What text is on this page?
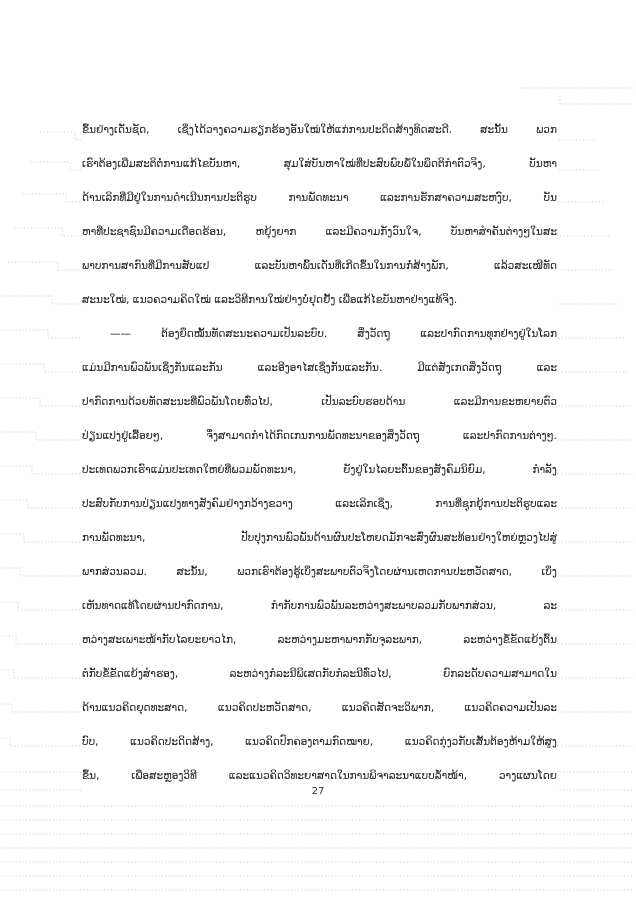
ຂຶ້ນຢ່າງເດັ່ນຊັດ, ເຊິ່ງໄດ້ວາງຄວາມຮຽກຮ້ອງອັນໃໝ່ໃຫ້ແກ່ການປະດິດສ້າງທິດສະດີ. ສະນັ້ນ ພວກ
ເຮົາຕ້ອງເພີ່ມສະຕິຕໍ່ການແກ້ໄຂບັນຫາ, ສຸມໃສ່ບັນຫາໃໝ່ທີ່ປະສົບພົບພໍ້ໃນພຶດຕິກຳຕົວຈິງ, ບັນຫາ
ດ້ານເລິກທີ່ມີຢູ່ໃນການດຳເນີນການປະຕິຮູບ ການພັດທະນາ ແລະການຮັກສາຄວາມສະຫງົບ, ບັນ
ຫາທີ່ປະຊາຊົນມີຄວາມເດືອດຮ້ອນ, ຫຍຸ້ງຍາກ ແລະມີຄວາມກັງວົນໃຈ, ບັນຫາສຳຄັນຕ່າງໆໃນສະ
ພາບການສາກົນທີ່ມີການສັບແປ ແລະບັນຫາພົ້ນເດັ່ນທີ່ເກີດຂຶ້ນໃນການກໍ່ສ້າງພັກ, ແລ້ວສະເໜີທັດ
ສະນະໃໝ່, ແນວຄວາມຄິດໃໝ່ ແລະວິທີການໃໝ່ຢ່າງບໍ່ຢຸດຢັ້ງ ເພື່ອແກ້ໄຂບັນຫາຢ່າງແທ້ຈິງ.
—— ຕ້ອງຍຶດໝັ້ນທັດສະນະຄວາມເປັນລະບົບ. ສິ່ງວັດຖຸ ແລະປາກົດການທຸກຢ່າງຢູ່ໃນໂລກ
ແມ່ນມີການພົວພັນເຊິ່ງກັນແລະກັນ ແລະອີງອາໄສເຊິ່ງກັນແລະກັນ. ມີແຕ່ສັງເກດສິ່ງວັດຖຸ ແລະ
ປາກົດການດ້ວຍທັດສະນະທີ່ພົວພັນໂດຍທົ່ວໄປ, ເປັນລະບົບຮອບດ້ານ ແລະມີການຂະຫຍາຍຕົວ
ປ່ຽນແປງຢູ່ເລື້ອຍໆ, ຈຶ່ງສາມາດກຳໄດ້ກົດເກນການພັດທະນາຂອງສິ່ງວັດຖຸ ແລະປາກົດການຕ່າງໆ.
ປະເທດພວກເຮົາແມ່ນປະເທດໃຫຍ່ທີ່ພວມພັດທະນາ, ຍັງຢູ່ໃນໄລຍະຕົ້ນຂອງສັງຄົມນິຍົມ, ກຳລັງ
ປະສົບກັບການປ່ຽນແປງທາງສັງຄົມຢ່າງກວ້າງຂວາງ ແລະເລິກເຊິ່ງ, ການທີ່ຊຸກຍູ້ການປະຕິຮູບແລະ
ການພັດທະນາ, ປັບປຸງການພົວພັນດ້ານຜົນປະໂຫຍດມັກຈະສົ່ງຜົນສະທ້ອນຢ່າງໃຫຍ່ຫຼວງໄປສູ່
ພາກສ່ວນລວມ. ສະນັ້ນ, ພວກເຮົາຕ້ອງຮູ້ເບິ່ງສະພາບຕົວຈິງໂດຍຜ່ານເຫດການປະຫວັດສາດ, ເບິ່ງ
ເຫັນທາດແທ້ໂດຍຜ່ານປາກົດການ, ກຳກັບການພົວພັນລະຫວ່າງສະພາບລວມກັບພາກສ່ວນ, ລະ
ຫວ່າງສະເພາະໜ້າກັບໄລຍະຍາວໄກ, ລະຫວ່າງມະຫາພາກກັບຈຸລະພາກ, ລະຫວ່າງຂໍ້ຂັດແຍ້ງຕົ້ນ
ຕໍກັບຂໍ້ຂັດແຍ້ງສຳຮອງ, ລະຫວ່າງກໍລະນີພິເສດກັບກໍລະນີທົ່ວໄປ, ຍົກລະດັບຄວາມສາມາດໃນ
ດ້ານແນວຄິດຍຸດທະສາດ, ແນວຄິດປະຫວັດສາດ, ແນວຄິດສັດຈະວິພາກ, ແນວຄິດຄວາມເປັນລະ
ບົບ, ແນວຄິດປະດິດສ້າງ, ແນວຄິດປົກຄອງຕາມກົດໝາຍ, ແນວຄິດກຸ່ງວກັບເສັ້ນຕ້ອງຫ້າມໃຫ້ສູງ
ຂຶ້ນ, ເພື່ອສະຫຼອງວິທີ ແລະແນວຄິດວິທະຍາສາດໃນການພິຈາລະນາແບບລ້ຳໜ້າ, ວາງແຜນໂດຍ
27
